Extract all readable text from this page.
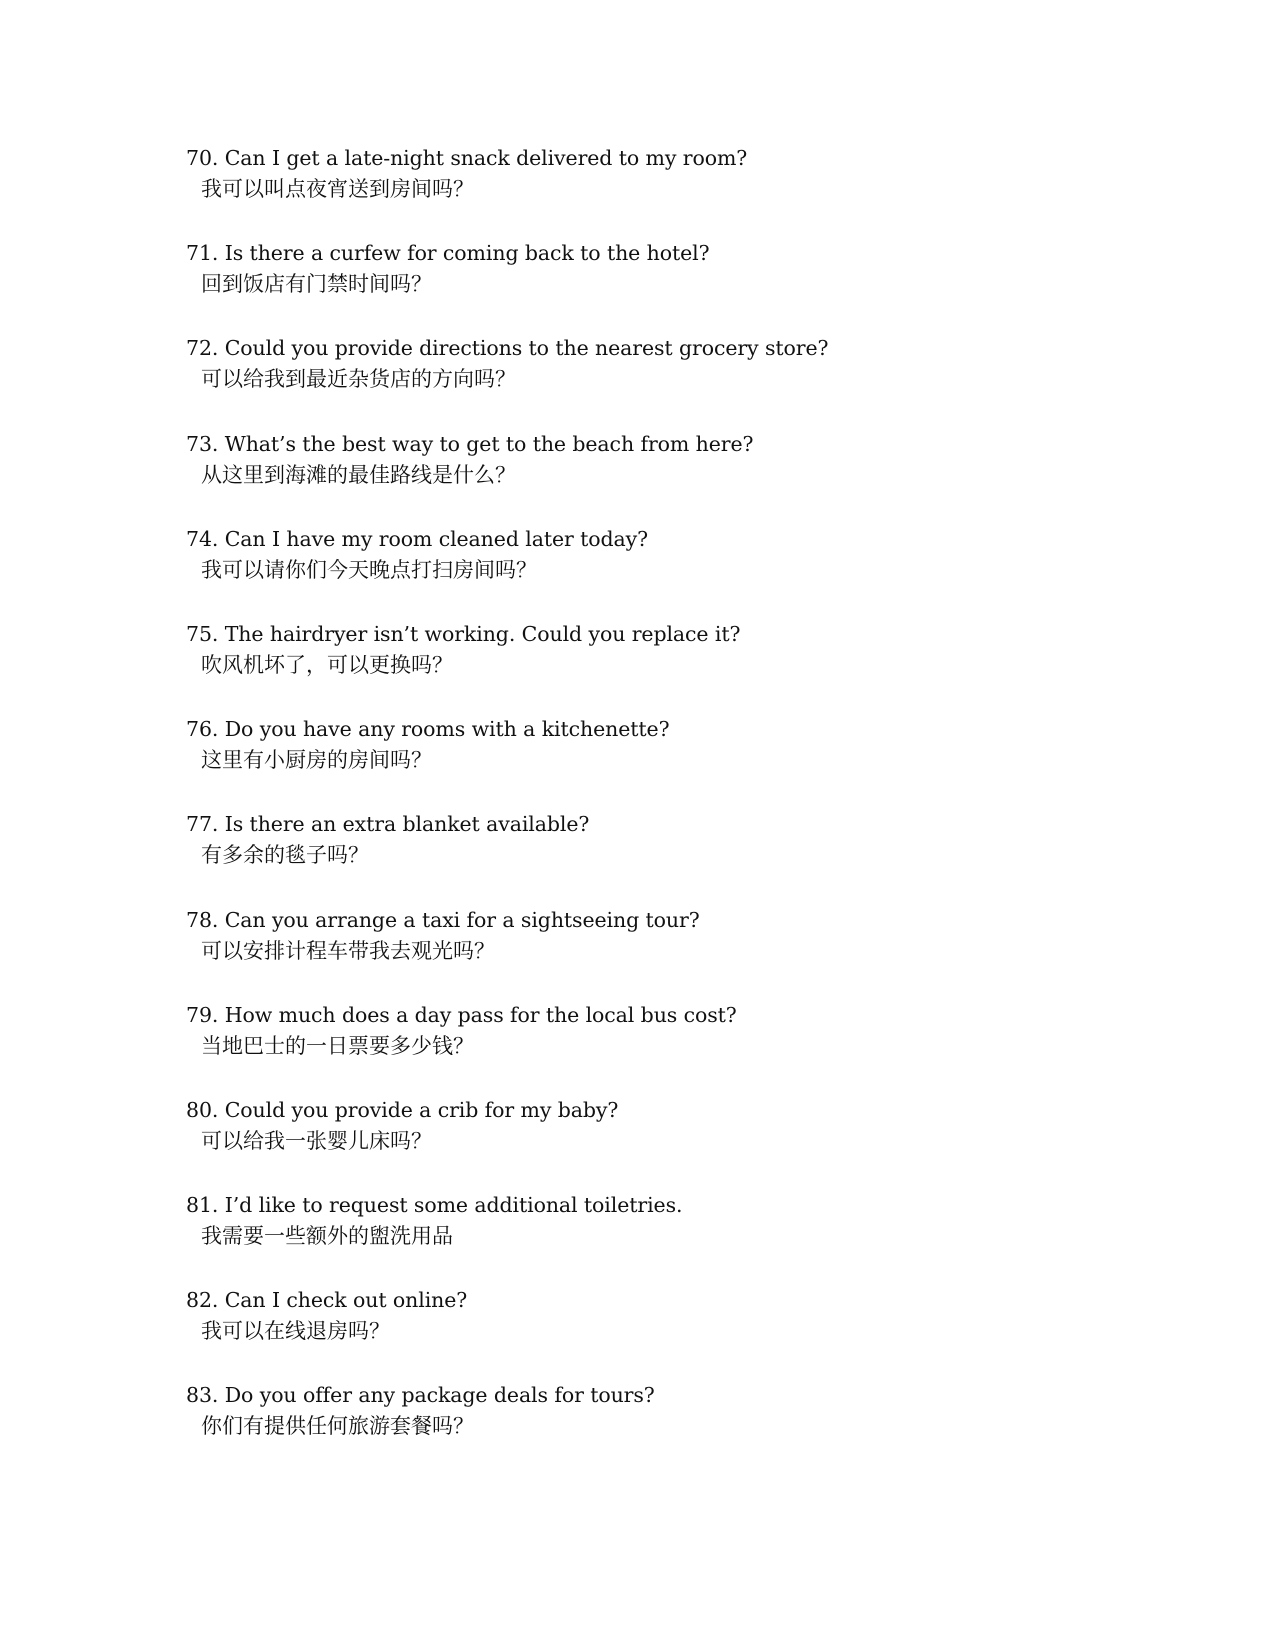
70. Can I get a late-night snack delivered to my room?
我可以叫点夜宵送到房间吗？
71. Is there a curfew for coming back to the hotel?
回到饭店有门禁时间吗？
72. Could you provide directions to the nearest grocery store?
可以给我到最近杂货店的方向吗？
73. What’s the best way to get to the beach from here?
从这里到海滩的最佳路线是什么？
74. Can I have my room cleaned later today?
我可以请你们今天晚点打扫房间吗？
75. The hairdryer isn’t working. Could you replace it?
吹风机坏了，可以更换吗？
76. Do you have any rooms with a kitchenette?
这里有小厨房的房间吗？
77. Is there an extra blanket available?
有多余的毯子吗？
78. Can you arrange a taxi for a sightseeing tour?
可以安排计程车带我去观光吗？
79. How much does a day pass for the local bus cost?
当地巴士的一日票要多少钱？
80. Could you provide a crib for my baby?
可以给我一张婴儿床吗？
81. I’d like to request some additional toiletries.
我需要一些额外的盥洗用品
82. Can I check out online?
我可以在线退房吗？
83. Do you offer any package deals for tours?
你们有提供任何旅游套餐吗？
